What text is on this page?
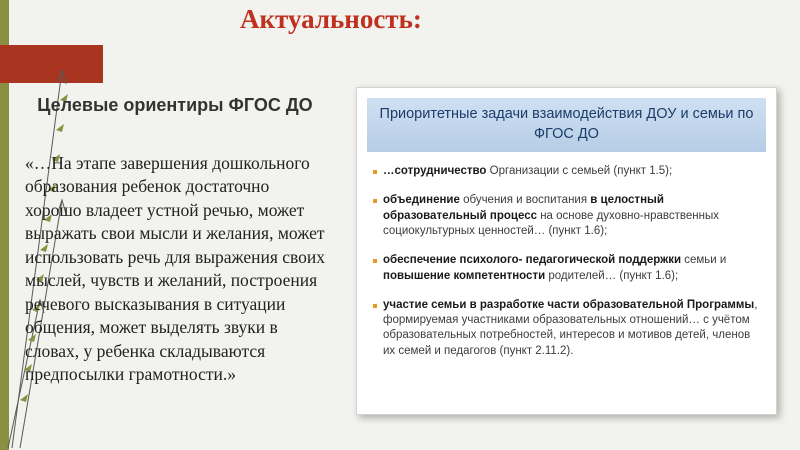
Актуальность:
Целевые ориентиры ФГОС ДО
«…На этапе завершения дошкольного образования ребенок достаточно хорошо владеет устной речью, может выражать свои мысли и желания, может использовать речь для выражения своих мыслей, чувств и желаний, построения речевого высказывания в ситуации общения, может выделять звуки в словах, у ребенка складываются предпосылки грамотности.»
Приоритетные задачи взаимодействия ДОУ и семьи по ФГОС ДО
…сотрудничество Организации с семьей (пункт 1.5);
объединение обучения и воспитания в целостный образовательный процесс на основе духовно-нравственных социокультурных ценностей… (пункт 1.6);
обеспечение психолого- педагогической поддержки семьи и повышение компетентности родителей… (пункт 1.6);
участие семьи в разработке части образовательной Программы, формируемая участниками образовательных отношений… с учётом образовательных потребностей, интересов и мотивов детей, членов их семей и педагогов (пункт 2.11.2).
